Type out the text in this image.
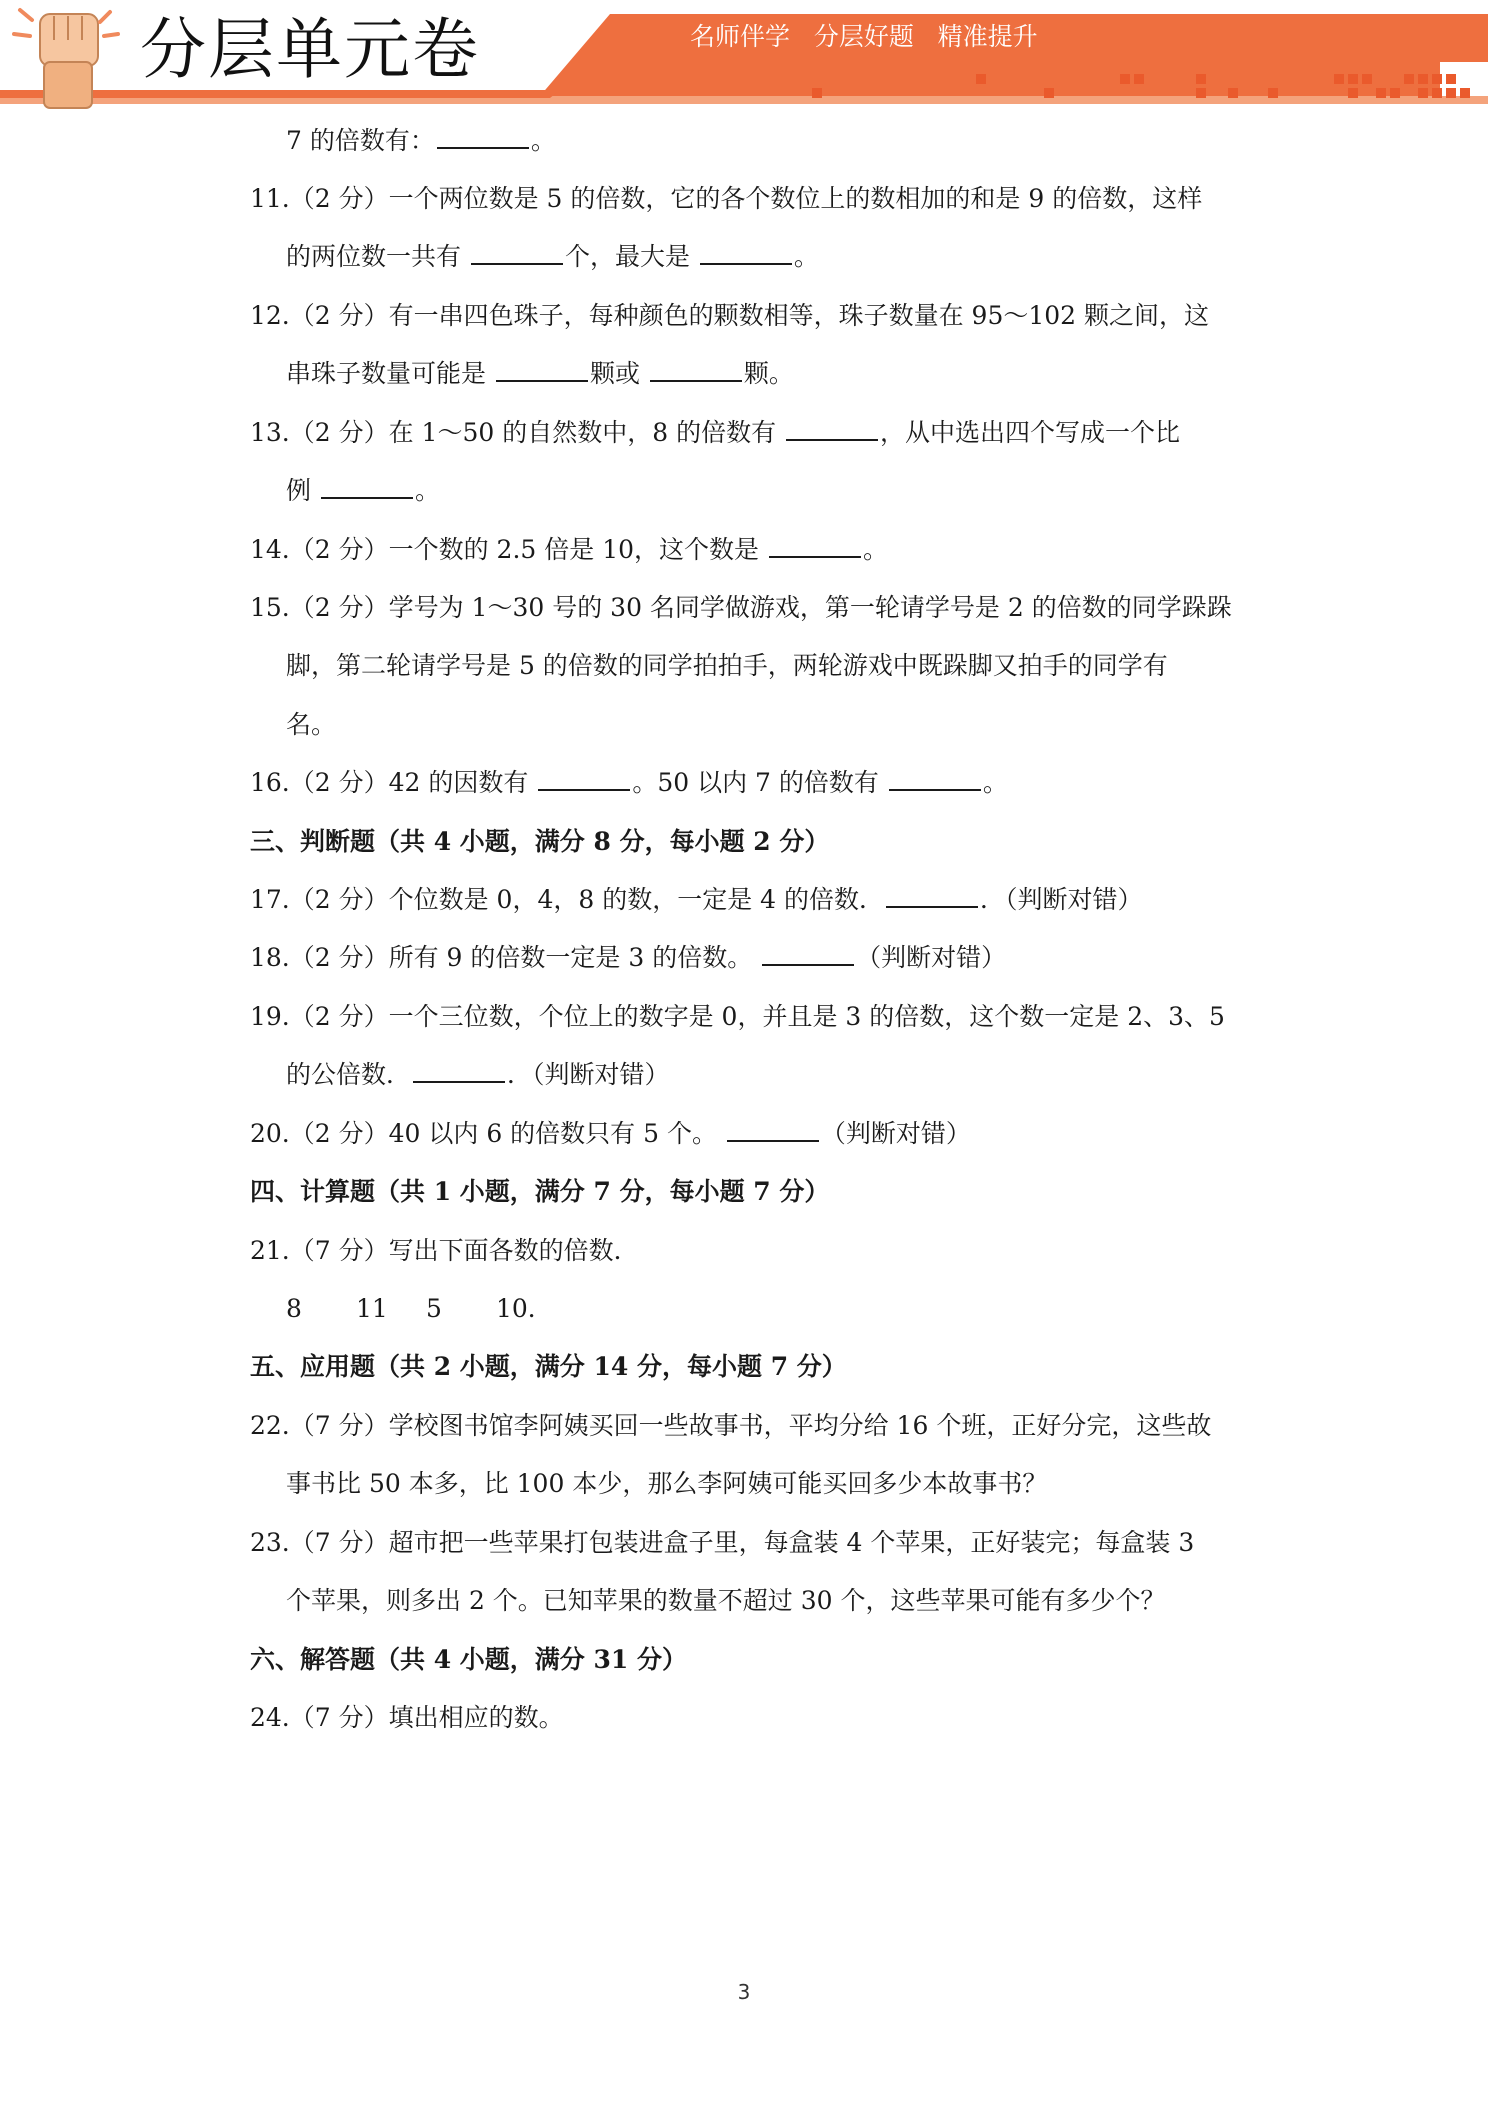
分层单元卷	名师伴学   分层好题   精准提升
7 的倍数有：	。
11.（2 分）一个两位数是 5 的倍数，它的各个数位上的数相加的和是 9 的倍数，这样
的两位数一共有	个，最大是	。
12.（2 分）有一串四色珠子，每种颜色的颗数相等，珠子数量在 95～102 颗之间，这
串珠子数量可能是	颗或	颗。
13.（2 分）在 1～50 的自然数中，8 的倍数有	，从中选出四个写成一个比
例	。
14.（2 分）一个数的 2.5 倍是 10，这个数是	。
15.（2 分）学号为 1～30 号的 30 名同学做游戏，第一轮请学号是 2 的倍数的同学跺跺
脚，第二轮请学号是 5 的倍数的同学拍拍手，两轮游戏中既跺脚又拍手的同学有
名。
16.（2 分）42 的因数有	。50 以内 7 的倍数有	。
三、判断题（共 4 小题，满分 8 分，每小题 2 分）
17.（2 分）个位数是 0，4，8 的数，一定是 4 的倍数．	．（判断对错）
18.（2 分）所有 9 的倍数一定是 3 的倍数。	（判断对错）
19.（2 分）一个三位数，个位上的数字是 0，并且是 3 的倍数，这个数一定是 2、3、5
的公倍数．	．（判断对错）
20.（2 分）40 以内 6 的倍数只有 5 个。	（判断对错）
四、计算题（共 1 小题，满分 7 分，每小题 7 分）
21.（7 分）写出下面各数的倍数．
8 11 5 10．
五、应用题（共 2 小题，满分 14 分，每小题 7 分）
22.（7 分）学校图书馆李阿姨买回一些故事书，平均分给 16 个班，正好分完，这些故
事书比 50 本多，比 100 本少，那么李阿姨可能买回多少本故事书？
23.（7 分）超市把一些苹果打包装进盒子里，每盒装 4 个苹果，正好装完；每盒装 3
个苹果，则多出 2 个。已知苹果的数量不超过 30 个，这些苹果可能有多少个？
六、解答题（共 4 小题，满分 31 分）
24.（7 分）填出相应的数。
3
